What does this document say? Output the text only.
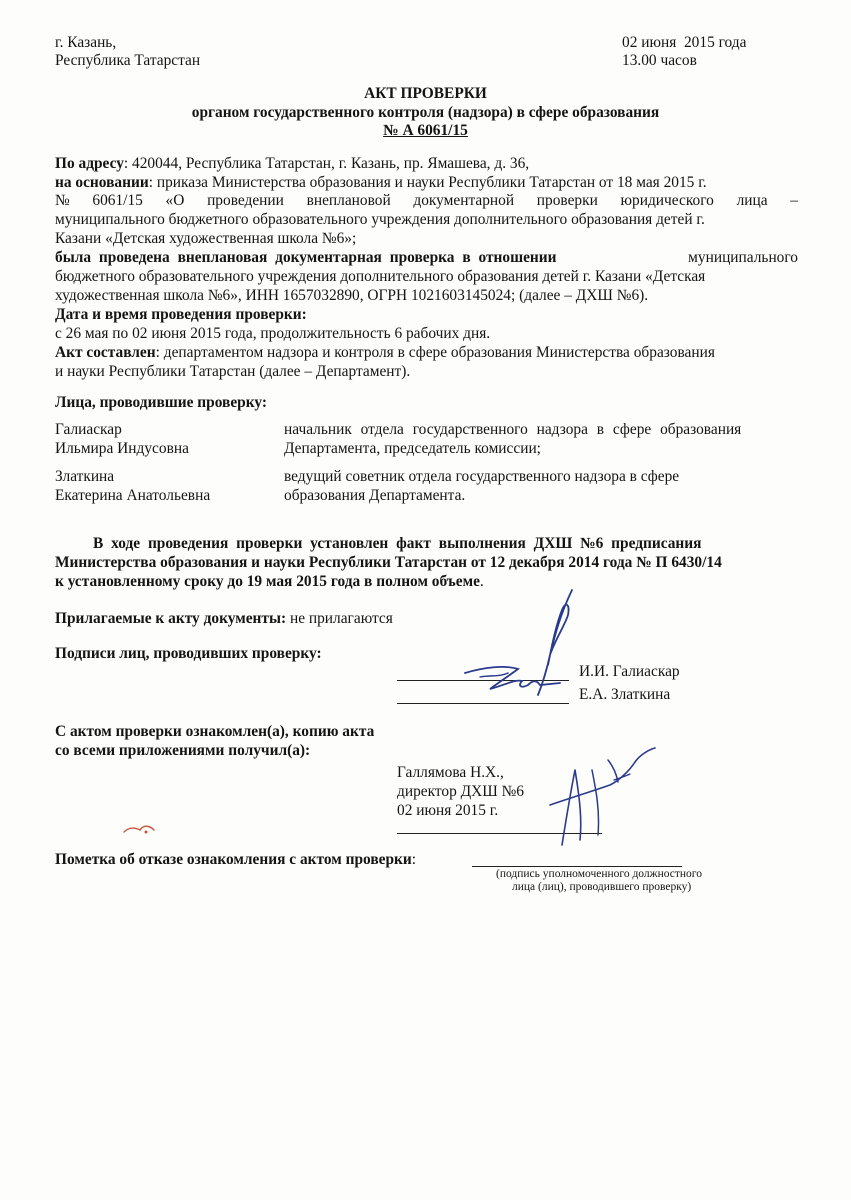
г. Казань,
Республика Татарстан
02 июня  2015 года
13.00 часов
АКТ ПРОВЕРКИ
органом государственного контроля (надзора) в сфере образования
№ А 6061/15
По адресу: 420044, Республика Татарстан, г. Казань, пр. Ямашева, д. 36,
на основании: приказа Министерства образования и науки Республики Татарстан от 18 мая 2015 г.
№ 6061/15 «О проведении внеплановой документарной проверки юридического лица –
муниципального бюджетного образовательного учреждения дополнительного образования детей г.
Казани «Детская художественная школа №6»;
была проведена внеплановая документарная проверка в отношении	муниципального
бюджетного образовательного учреждения дополнительного образования детей г. Казани «Детская
художественная школа №6», ИНН 1657032890, ОГРН 1021603145024; (далее – ДХШ №6).
Дата и время проведения проверки:
с 26 мая по 02 июня 2015 года, продолжительность 6 рабочих дня.
Акт составлен: департаментом надзора и контроля в сфере образования Министерства образования
и науки Республики Татарстан (далее – Департамент).
Лица, проводившие проверку:
Галиаскар
Ильмира Индусовна
начальник отдела государственного надзора в сфере образования
Департамента, председатель комиссии;
Златкина
Екатерина Анатольевна
ведущий советник отдела государственного надзора в сфере
образования Департамента.
В ходе проведения проверки установлен факт выполнения ДХШ №6 предписания
Министерства образования и науки Республики Татарстан от 12 декабря 2014 года № П 6430/14
к установленному сроку до 19 мая 2015 года в полном объеме.
Прилагаемые к акту документы: не прилагаются
Подписи лиц, проводивших проверку:
И.И. Галиаскар
Е.А. Златкина
С актом проверки ознакомлен(а), копию акта
со всеми приложениями получил(а):
Галлямова Н.Х.,
директор ДХШ №6
02 июня 2015 г.
Пометка об отказе ознакомления с актом проверки:
(подпись уполномоченного должностного
лица (лиц), проводившего проверку)
